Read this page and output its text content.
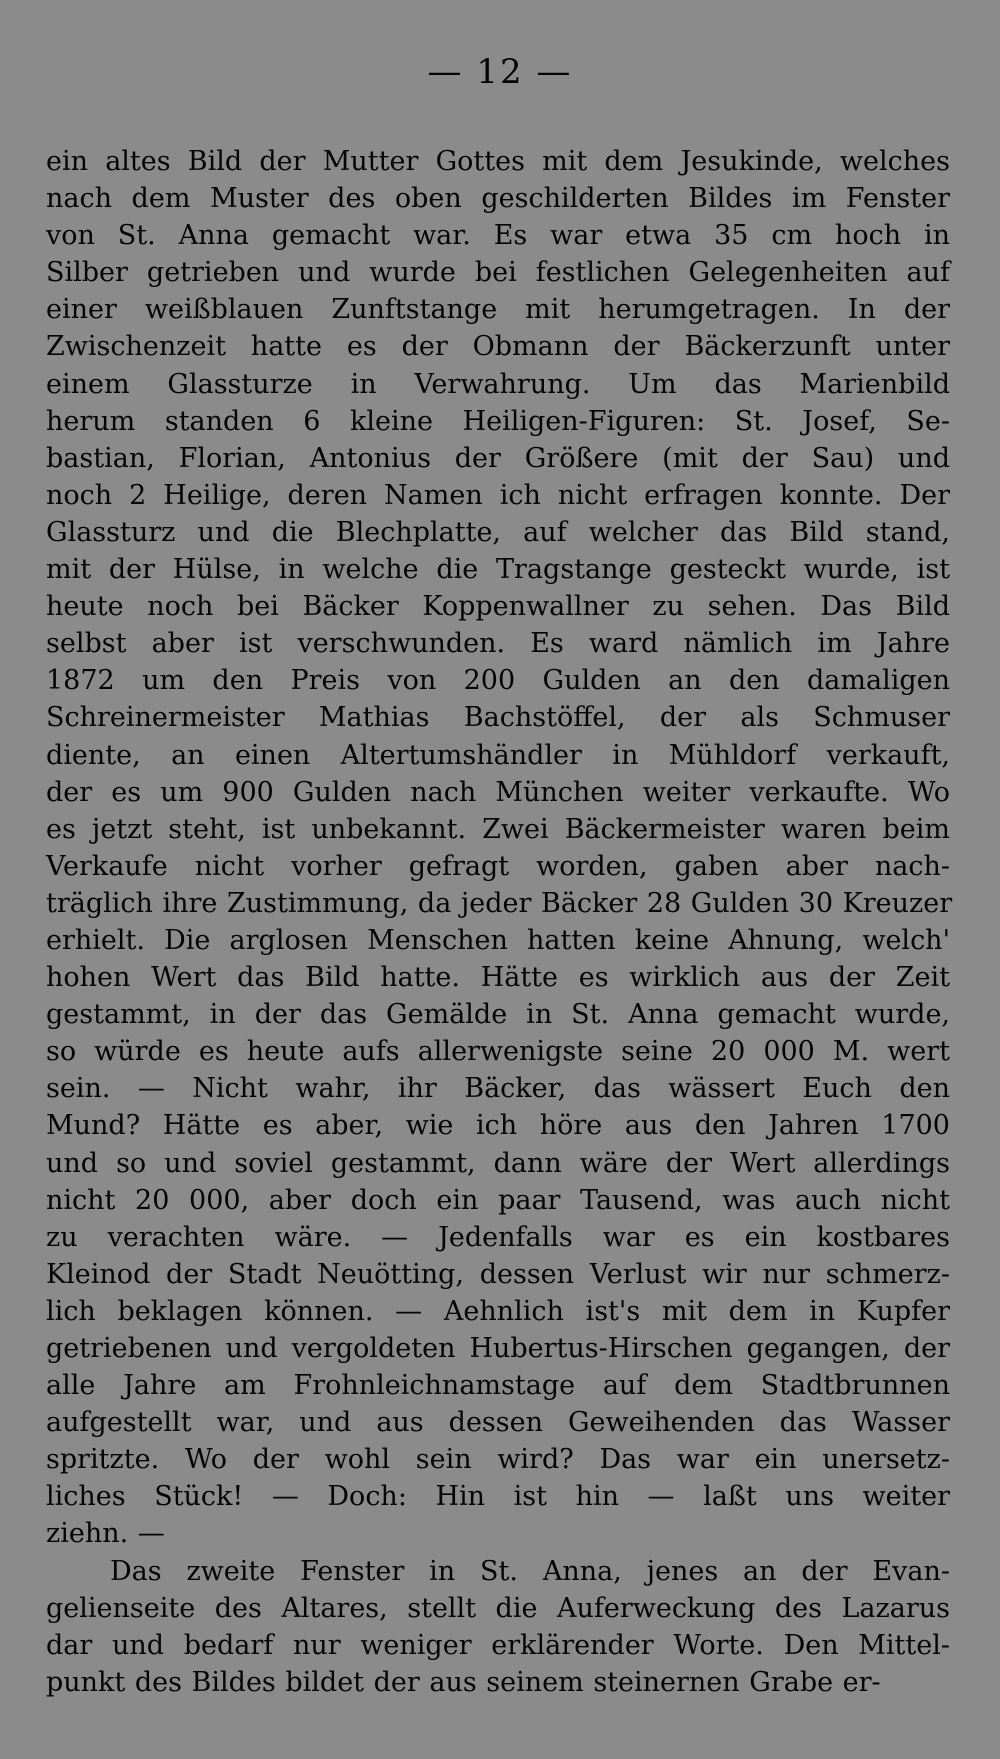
— 12 —

ein altes Bild der Mutter Gottes mit dem Jesukinde, welches
nach dem Muster des oben geschilderten Bildes im Fenster
von St. Anna gemacht war. Es war etwa 35 cm hoch in
Silber getrieben und wurde bei festlichen Gelegenheiten auf
einer weißblauen Zunftstange mit herumgetragen. In der
Zwischenzeit hatte es der Obmann der Bäckerzunft unter
einem Glassturze in Verwahrung. Um das Marienbild
herum standen 6 kleine Heiligen-Figuren: St. Josef, Se-
bastian, Florian, Antonius der Größere (mit der Sau) und
noch 2 Heilige, deren Namen ich nicht erfragen konnte. Der
Glassturz und die Blechplatte, auf welcher das Bild stand,
mit der Hülse, in welche die Tragstange gesteckt wurde, ist
heute noch bei Bäcker Koppenwallner zu sehen. Das Bild
selbst aber ist verschwunden. Es ward nämlich im Jahre
1872 um den Preis von 200 Gulden an den damaligen
Schreinermeister Mathias Bachstöffel, der als Schmuser
diente, an einen Altertumshändler in Mühldorf verkauft,
der es um 900 Gulden nach München weiter verkaufte. Wo
es jetzt steht, ist unbekannt. Zwei Bäckermeister waren beim
Verkaufe nicht vorher gefragt worden, gaben aber nach-
träglich ihre Zustimmung, da jeder Bäcker 28 Gulden 30 Kreuzer
erhielt. Die arglosen Menschen hatten keine Ahnung, welch'
hohen Wert das Bild hatte. Hätte es wirklich aus der Zeit
gestammt, in der das Gemälde in St. Anna gemacht wurde,
so würde es heute aufs allerwenigste seine 20 000 M. wert
sein. — Nicht wahr, ihr Bäcker, das wässert Euch den
Mund? Hätte es aber, wie ich höre aus den Jahren 1700
und so und soviel gestammt, dann wäre der Wert allerdings
nicht 20 000, aber doch ein paar Tausend, was auch nicht
zu verachten wäre. — Jedenfalls war es ein kostbares
Kleinod der Stadt Neuötting, dessen Verlust wir nur schmerz-
lich beklagen können. — Aehnlich ist's mit dem in Kupfer
getriebenen und vergoldeten Hubertus-Hirschen gegangen, der
alle Jahre am Frohnleichnamstage auf dem Stadtbrunnen
aufgestellt war, und aus dessen Geweihenden das Wasser
spritzte. Wo der wohl sein wird? Das war ein unersetz-
liches Stück! — Doch: Hin ist hin — laßt uns weiter
ziehn. —

Das zweite Fenster in St. Anna, jenes an der Evan-
gelienseite des Altares, stellt die Auferweckung des Lazarus
dar und bedarf nur weniger erklärender Worte. Den Mittel-
punkt des Bildes bildet der aus seinem steinernen Grabe er-
